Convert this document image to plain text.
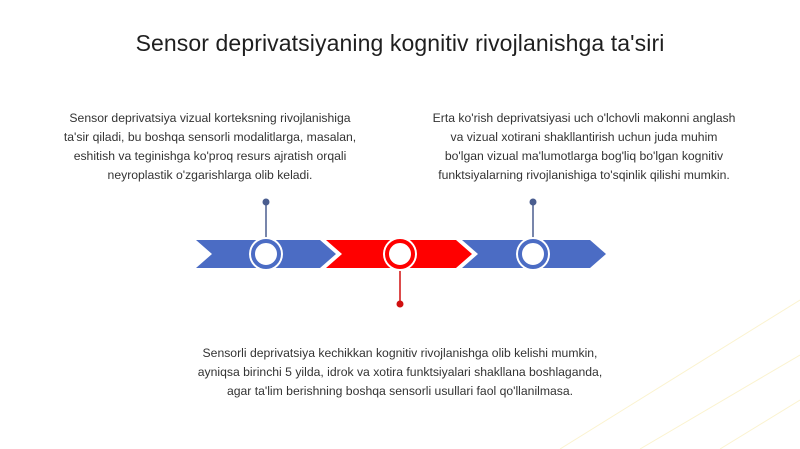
Sensor deprivatsiyaning kognitiv rivojlanishga ta'siri
Sensor deprivatsiya vizual korteksning rivojlanishiga
ta'sir qiladi, bu boshqa sensorli modalitlarga, masalan,
eshitish va teginishga ko'proq resurs ajratish orqali
neyroplastik o'zgarishlarga olib keladi.
Erta ko'rish deprivatsiyasi uch o'lchovli makonni anglash
va vizual xotirani shakllantirish uchun juda muhim
bo'lgan vizual ma'lumotlarga bog'liq bo'lgan kognitiv
funktsiyalarning rivojlanishiga to'sqinlik qilishi mumkin.
Sensorli deprivatsiya kechikkan kognitiv rivojlanishga olib kelishi mumkin,
ayniqsa birinchi 5 yilda, idrok va xotira funktsiyalari shakllana boshlaganda,
agar ta'lim berishning boshqa sensorli usullari faol qo'llanilmasa.
